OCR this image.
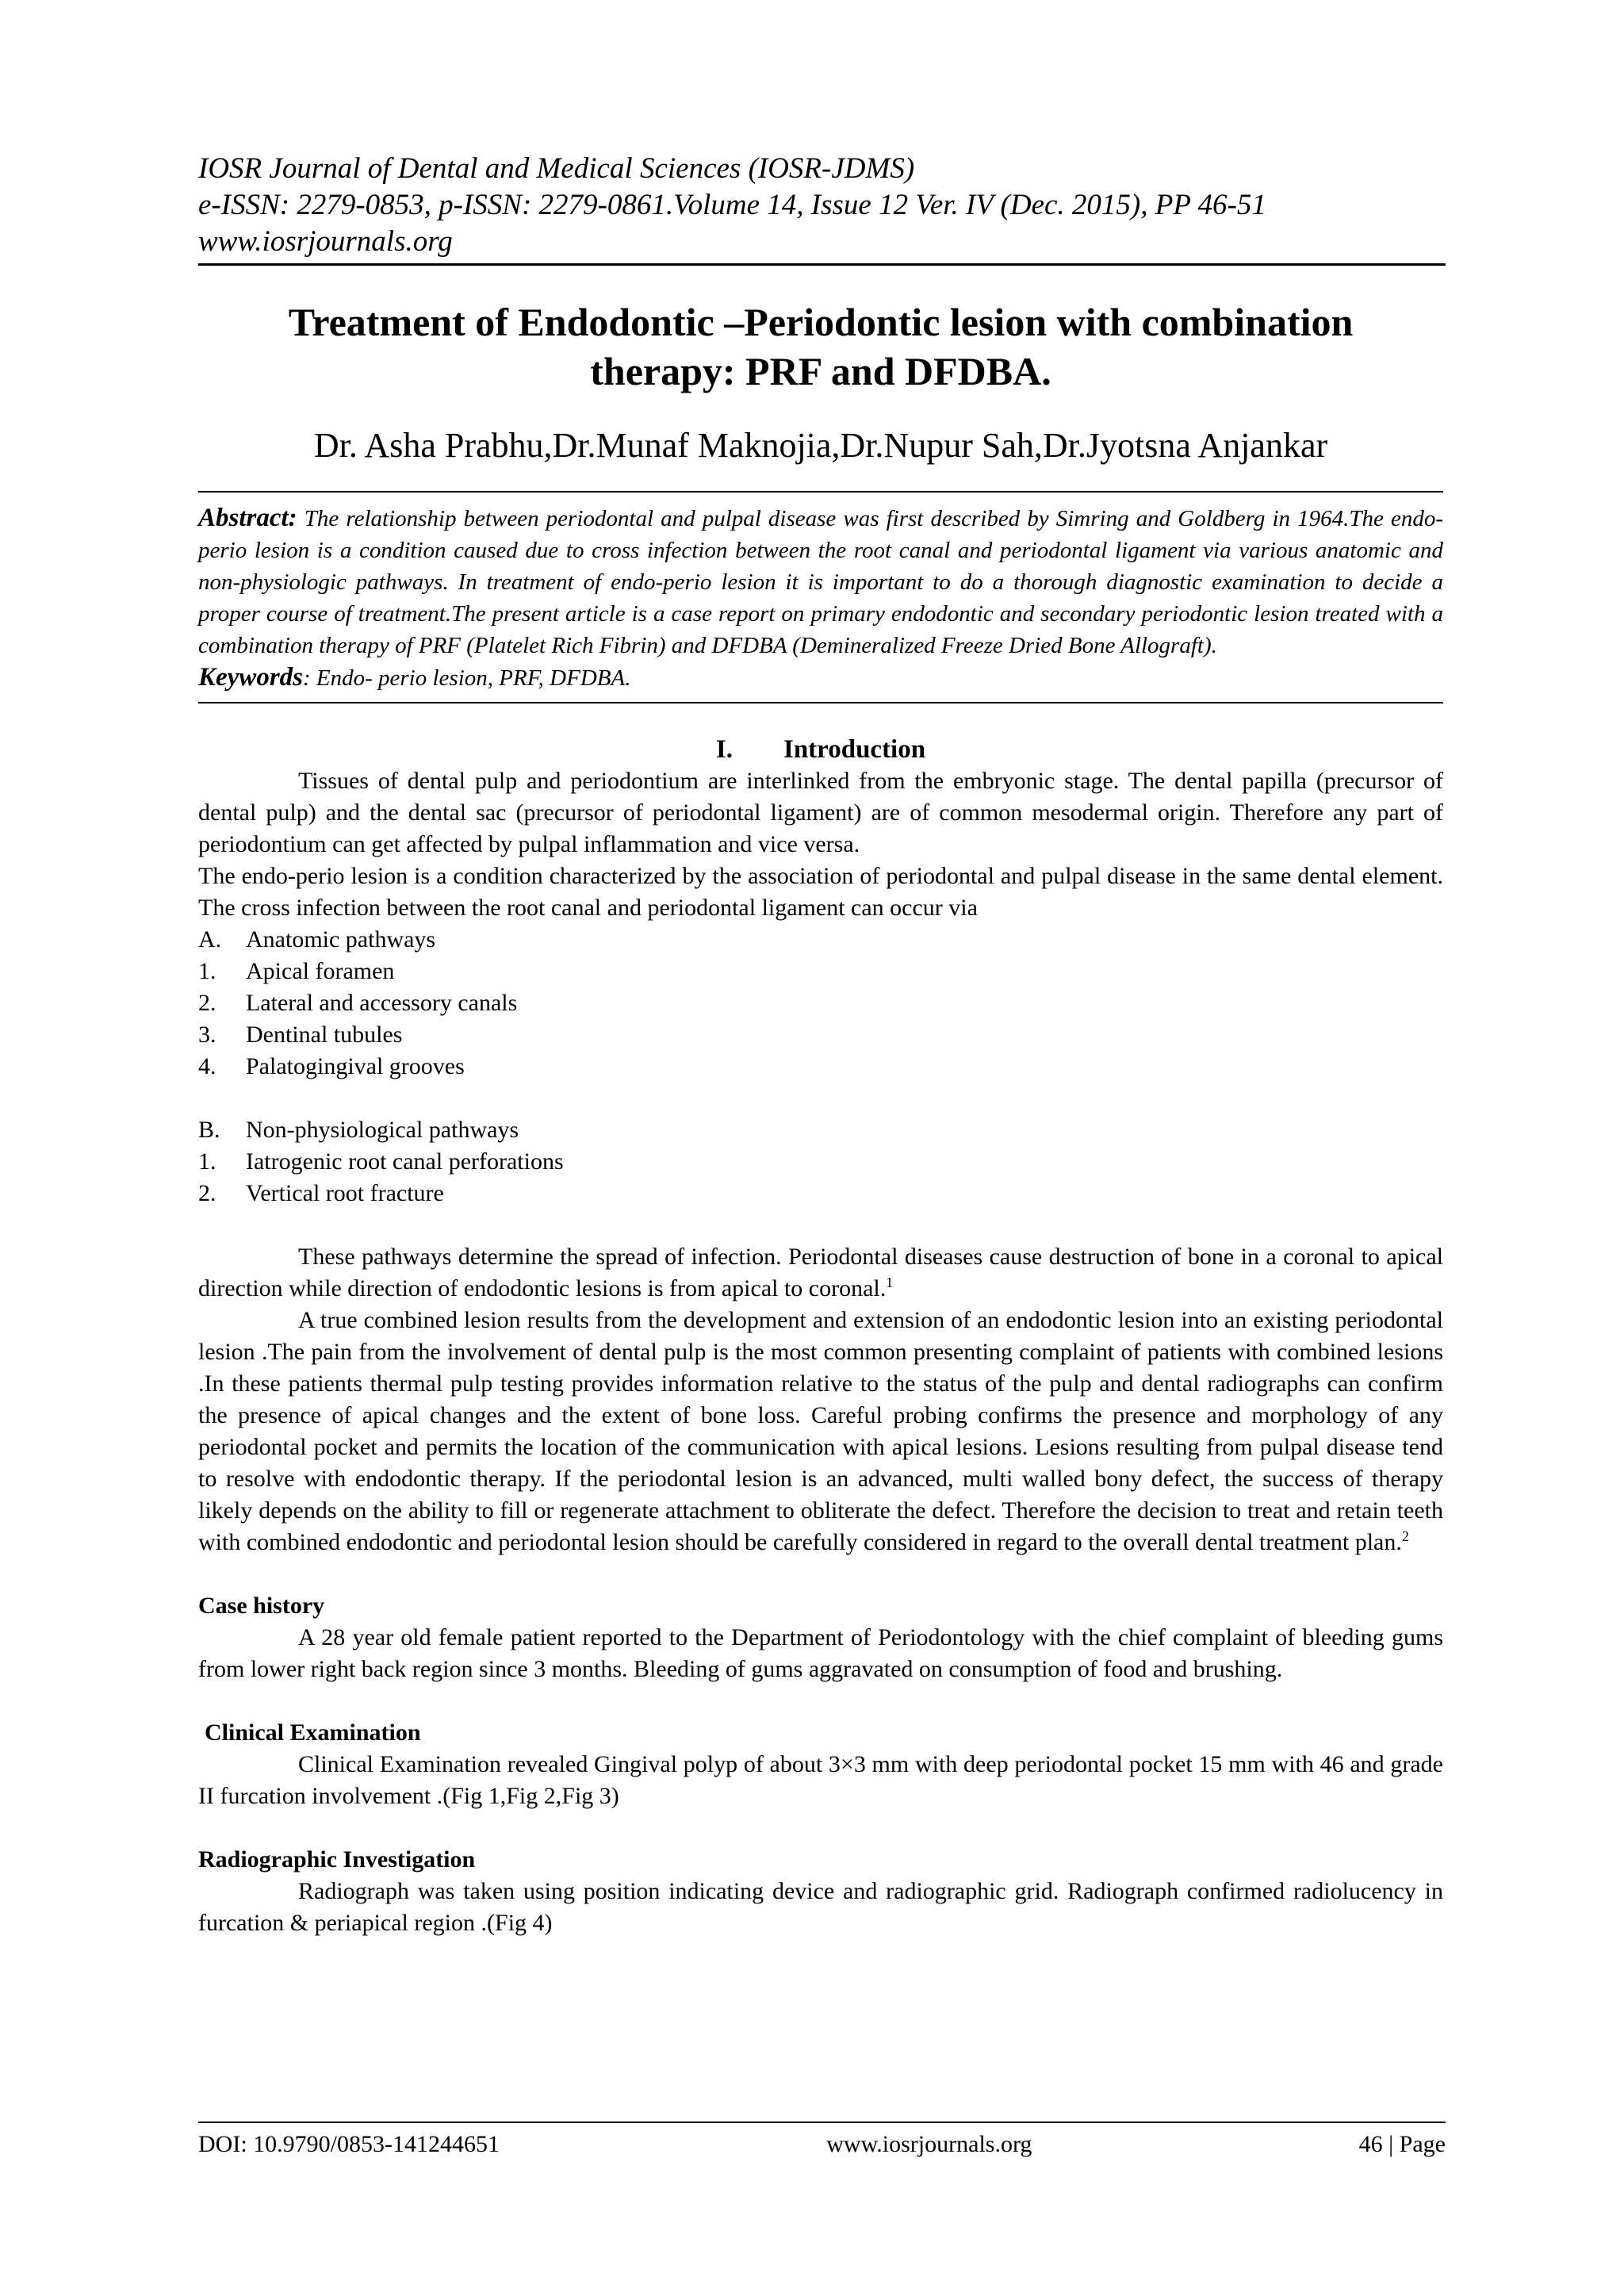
IOSR Journal of Dental and Medical Sciences (IOSR-JDMS)
e-ISSN: 2279-0853, p-ISSN: 2279-0861.Volume 14, Issue 12 Ver. IV (Dec. 2015), PP 46-51
www.iosrjournals.org
Treatment of Endodontic –Periodontic lesion with combination therapy: PRF and DFDBA.
Dr. Asha Prabhu,Dr.Munaf Maknojia,Dr.Nupur Sah,Dr.Jyotsna Anjankar

Abstract: The relationship between periodontal and pulpal disease was first described by Simring and Goldberg in 1964.The endo- perio lesion is a condition caused due to cross infection between the root canal and periodontal ligament via various anatomic and non-physiologic pathways. In treatment of endo-perio lesion it is important to do a thorough diagnostic examination to decide a proper course of treatment.The present article is a case report on primary endodontic and secondary periodontic lesion treated with a combination therapy of PRF (Platelet Rich Fibrin) and DFDBA (Demineralized Freeze Dried Bone Allograft).

Keywords: Endo- perio lesion, PRF, DFDBA.

I. Introduction

Tissues of dental pulp and periodontium are interlinked from the embryonic stage. The dental papilla (precursor of dental pulp) and the dental sac (precursor of periodontal ligament) are of common mesodermal origin. Therefore any part of periodontium can get affected by pulpal inflammation and vice versa.

The endo-perio lesion is a condition characterized by the association of periodontal and pulpal disease in the same dental element. The cross infection between the root canal and periodontal ligament can occur via

A.	Anatomic pathways
1.	Apical foramen
2.	Lateral and accessory canals
3.	Dentinal tubules
4.	Palatogingival grooves
B.	Non-physiological pathways
1.	Iatrogenic root canal perforations
2.	Vertical root fracture

These pathways determine the spread of infection. Periodontal diseases cause destruction of bone in a coronal to apical direction while direction of endodontic lesions is from apical to coronal.$^1$

A true combined lesion results from the development and extension of an endodontic lesion into an existing periodontal lesion .The pain from the involvement of dental pulp is the most common presenting complaint of patients with combined lesions .In these patients thermal pulp testing provides information relative to the status of the pulp and dental radiographs can confirm the presence of apical changes and the extent of bone loss. Careful probing confirms the presence and morphology of any periodontal pocket and permits the location of the communication with apical lesions. Lesions resulting from pulpal disease tend to resolve with endodontic therapy. If the periodontal lesion is an advanced, multi walled bony defect, the success of therapy likely depends on the ability to fill or regenerate attachment to obliterate the defect. Therefore the decision to treat and retain teeth with combined endodontic and periodontal lesion should be carefully considered in regard to the overall dental treatment plan.$^2$

Case history

A 28 year old female patient reported to the Department of Periodontology with the chief complaint of bleeding gums from lower right back region since 3 months. Bleeding of gums aggravated on consumption of food and brushing.

Clinical Examination

Clinical Examination revealed Gingival polyp of about 3×3 mm with deep periodontal pocket 15 mm with 46 and grade II furcation involvement .(Fig 1,Fig 2,Fig 3)

Radiographic Investigation

Radiograph was taken using position indicating device and radiographic grid. Radiograph confirmed radiolucency in furcation & periapical region .(Fig 4)

DOI: 10.9790/0853-141244651	www.iosrjournals.org	46 | Page
